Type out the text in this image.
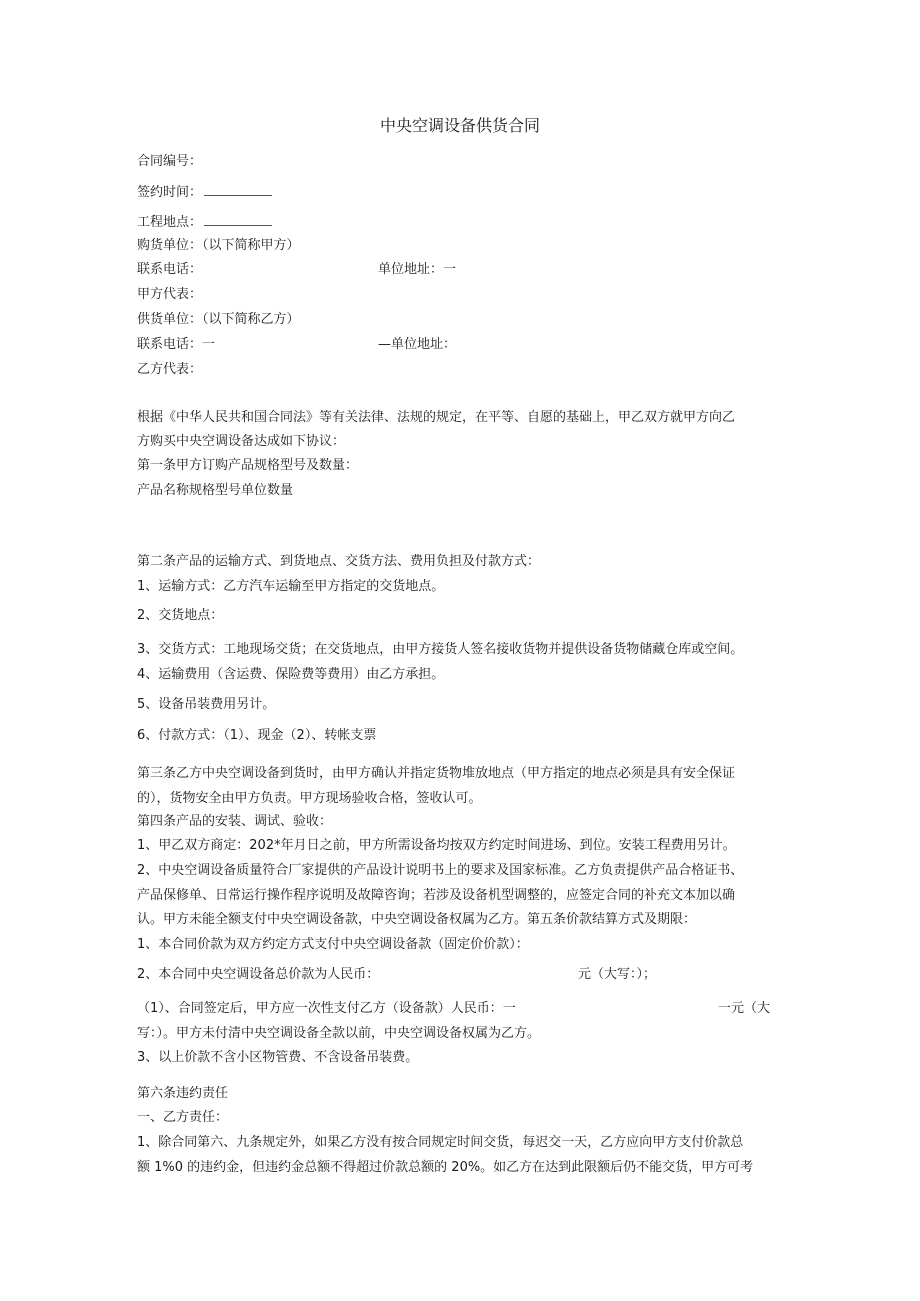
中央空调设备供货合同
合同编号：
签约时间：
工程地点：
购货单位：（以下简称甲方）
联系电话：	单位地址：一
甲方代表：
供货单位：（以下简称乙方）
联系电话：一	—单位地址：
乙方代表：
根据《中华人民共和国合同法》等有关法律、法规的规定，在平等、自愿的基础上，甲乙双方就甲方向乙
方购买中央空调设备达成如下协议：
第一条甲方订购产品规格型号及数量：
产品名称规格型号单位数量
第二条产品的运输方式、到货地点、交货方法、费用负担及付款方式：
1、运输方式：乙方汽车运输至甲方指定的交货地点。
2、交货地点：
3、交货方式：工地现场交货；在交货地点，由甲方接货人签名接收货物并提供设备货物储藏仓库或空间。
4、运输费用（含运费、保险费等费用）由乙方承担。
5、设备吊装费用另计。
6、付款方式：（1）、现金（2）、转帐支票
第三条乙方中央空调设备到货时，由甲方确认并指定货物堆放地点（甲方指定的地点必须是具有安全保证
的），货物安全由甲方负责。甲方现场验收合格，签收认可。
第四条产品的安装、调试、验收：
1、甲乙双方商定：202*年月日之前，甲方所需设备均按双方约定时间进场、到位。安装工程费用另计。
2、中央空调设备质量符合厂家提供的产品设计说明书上的要求及国家标准。乙方负责提供产品合格证书、
产品保修单、日常运行操作程序说明及故障咨询；若涉及设备机型调整的，应签定合同的补充文本加以确
认。甲方未能全额支付中央空调设备款，中央空调设备权属为乙方。第五条价款结算方式及期限：
1、本合同价款为双方约定方式支付中央空调设备款（固定价价款）：
2、本合同中央空调设备总价款为人民币：	元（大写：）；
（1）、合同签定后，甲方应一次性支付乙方（设备款）人民币：一	一元（大
写：）。甲方未付清中央空调设备全款以前，中央空调设备权属为乙方。
3、以上价款不含小区物管费、不含设备吊装费。
第六条违约责任
一、乙方责任：
1、除合同第六、九条规定外，如果乙方没有按合同规定时间交货，每迟交一天，乙方应向甲方支付价款总
额 1%0 的违约金，但违约金总额不得超过价款总额的 20%。如乙方在达到此限额后仍不能交货，甲方可考
